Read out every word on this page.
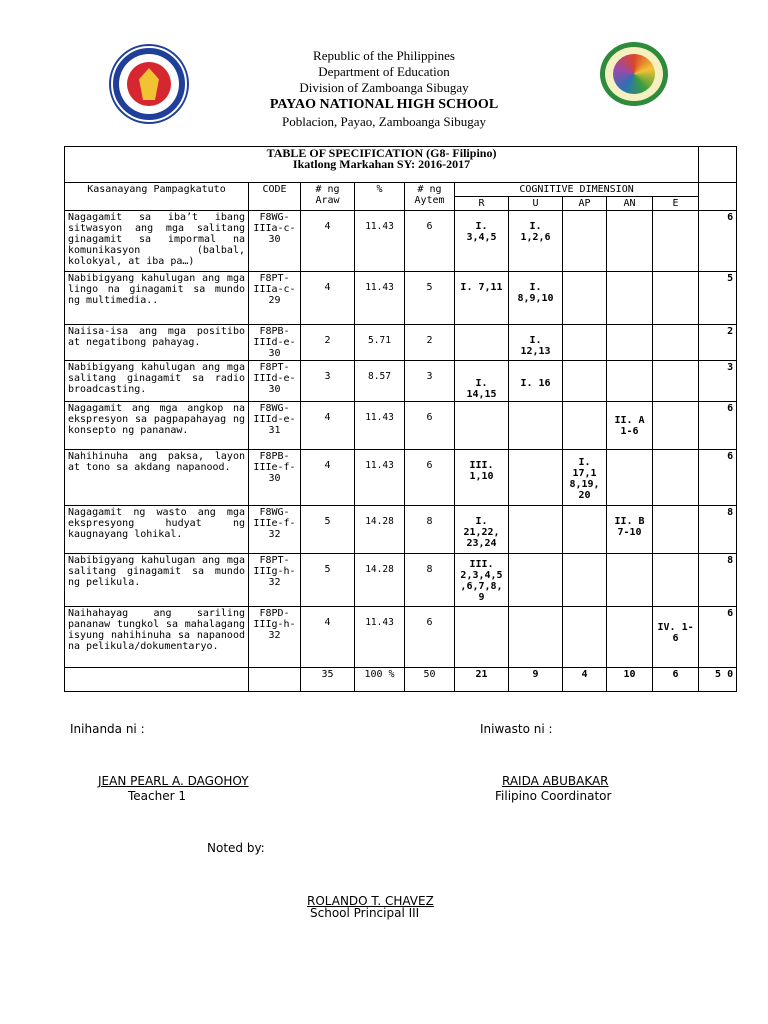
Republic of the Philippines
Department of Education
Division of Zamboanga Sibugay
PAYAO NATIONAL HIGH SCHOOL
Poblacion, Payao, Zamboanga Sibugay
TABLE OF SPECIFICATION (G8- Filipino)
Ikatlong Markahan SY: 2016-2017										

Kasanayang Pampagkatuto	CODE	# ng Araw	%	# ng Aytem	COGNITIVE DIMENSION					
					R	U	AP	AN	E	
Nagagamit sa iba’t ibang sitwasyon ang mga salitang ginagamit sa impormal na komunikasyon (balbal, kolokyal, at iba pa…)	F8WG-IIIa-c-30	4	11.43	6	I. 3,4,5	I. 1,2,6				6
Nabibigyang kahulugan ang mga lingo na ginagamit sa mundo ng multimedia..	F8PT-IIIa-c-29	4	11.43	5	I. 7,11	I. 8,9,10				5
Naiisa-isa ang mga positibo at negatibong pahayag.	F8PB-IIId-e-30	2	5.71	2		I. 12,13				2
Nabibigyang kahulugan ang mga salitang ginagamit sa radio broadcasting.	F8PT-IIId-e-30	3	8.57	3	I. 14,15	I. 16				3
Nagagamit ang mga angkop na ekspresyon sa pagpapahayag ng konsepto ng pananaw.	F8WG-IIId-e-31	4	11.43	6				II. A 1-6		6
Nahihinuha ang paksa, layon at tono sa akdang napanood.	F8PB-IIIe-f-30	4	11.43	6	III. 1,10		I. 17,1 8,19, 20			6
Nagagamit ng wasto ang mga ekspresyong hudyat ng kaugnayang lohikal.	F8WG-IIIe-f-32	5	14.28	8	I. 21,22, 23,24			II. B 7-10		8
Nabibigyang kahulugan ang mga salitang ginagamit sa mundo ng pelikula.	F8PT-IIIg-h-32	5	14.28	8	III. 2,3,4,5 ,6,7,8, 9					8
Naihahayag ang sariling pananaw tungkol sa mahalagang isyung nahihinuha sa napanood na pelikula/dokumentaryo.	F8PD-IIIg-h-32	4	11.43	6					IV. 1-6	6
		35	100 %	50	21	9	4	10	6	5 0
Inihanda ni :	Iniwasto ni :
JEAN PEARL A. DAGOHOY
Teacher 1
RAIDA ABUBAKAR
Filipino Coordinator
Noted by:
ROLANDO T. CHAVEZ
School Principal III
